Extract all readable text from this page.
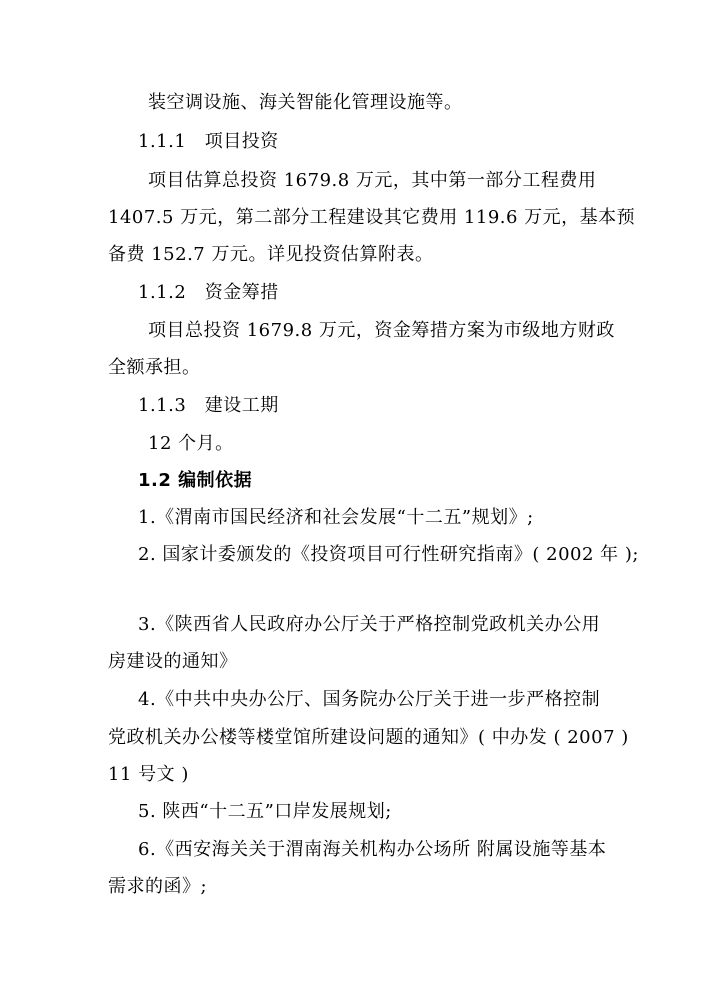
装空调设施、海关智能化管理设施等。
1.1.1　项目投资
项目估算总投资 1679.8 万元，其中第一部分工程费用
1407.5 万元，第二部分工程建设其它费用 119.6 万元，基本预
备费 152.7 万元。详见投资估算附表。
1.1.2　资金筹措
项目总投资 1679.8 万元，资金筹措方案为市级地方财政
全额承担。
1.1.3　建设工期
12 个月。
1.2 编制依据
1.《渭南市国民经济和社会发展“十二五”规划》;
2. 国家计委颁发的《投资项目可行性研究指南》( 2002 年 );
3.《陕西省人民政府办公厅关于严格控制党政机关办公用
房建设的通知》
4.《中共中央办公厅、国务院办公厅关于进一步严格控制
党政机关办公楼等楼堂馆所建设问题的通知》( 中办发 ( 2007 )
11 号文 )
5. 陕西“十二五”口岸发展规划;
6.《西安海关关于渭南海关机构办公场所 附属设施等基本
需求的函》;
